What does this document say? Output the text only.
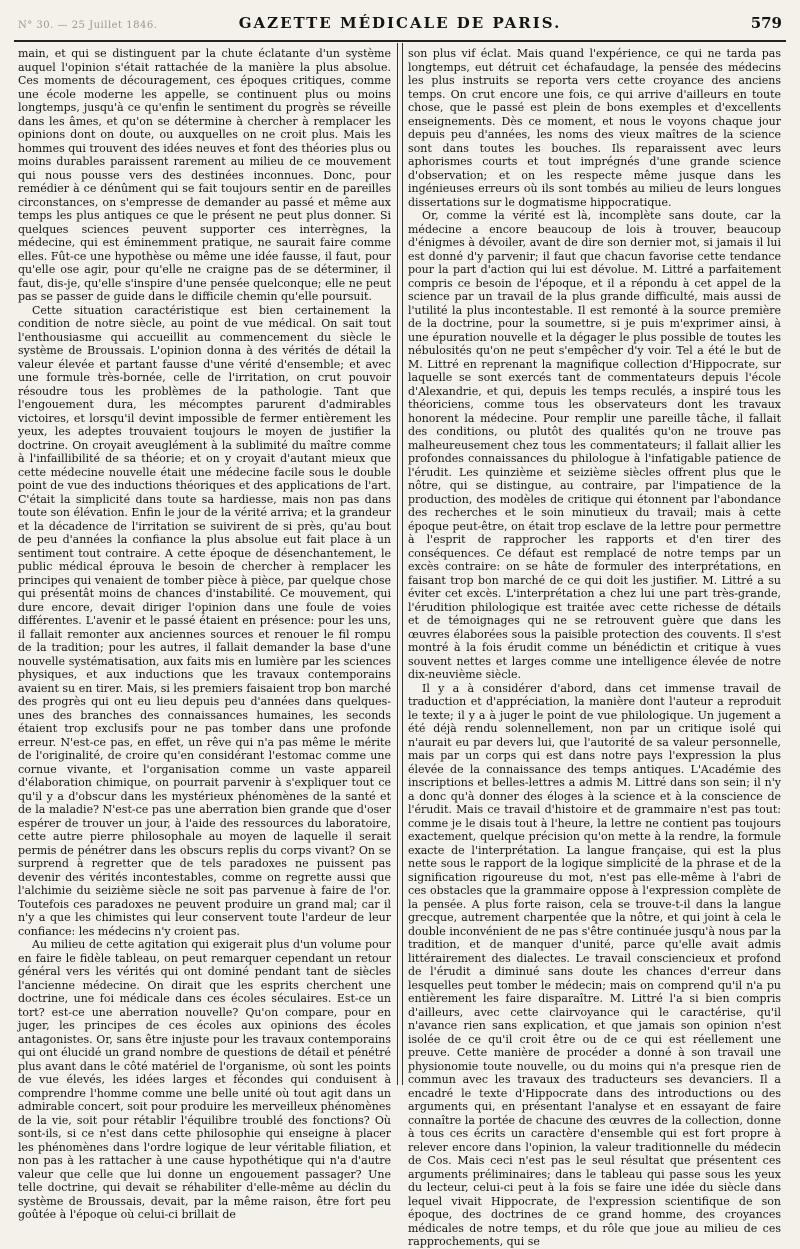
N° 30. — 25 Juillet 1846.	GAZETTE MÉDICALE DE PARIS.	579

main, et qui se distinguent par la chute éclatante d'un système auquel l'opinion s'était rattachée de la manière la plus absolue. Ces moments de découragement, ces époques critiques, comme une école moderne les appelle, se continuent plus ou moins longtemps, jusqu'à ce qu'enfin le sentiment du progrès se réveille dans les âmes, et qu'on se détermine à chercher à remplacer les opinions dont on doute, ou auxquelles on ne croit plus. Mais les hommes qui trouvent des idées neuves et font des théories plus ou moins durables paraissent rarement au milieu de ce mouvement qui nous pousse vers des destinées inconnues. Donc, pour remédier à ce dénûment qui se fait toujours sentir en de pareilles circonstances, on s'empresse de demander au passé et même aux temps les plus antiques ce que le présent ne peut plus donner. Si quelques sciences peuvent supporter ces interrègnes, la médecine, qui est éminemment pratique, ne saurait faire comme elles. Fût-ce une hypothèse ou même une idée fausse, il faut, pour qu'elle ose agir, pour qu'elle ne craigne pas de se déterminer, il faut, dis-je, qu'elle s'inspire d'une pensée quelconque; elle ne peut pas se passer de guide dans le difficile chemin qu'elle poursuit.

Cette situation caractéristique est bien certainement la condition de notre siècle, au point de vue médical. On sait tout l'enthousiasme qui accueillit au commencement du siècle le système de Broussais. L'opinion donna à des vérités de détail la valeur élevée et partant fausse d'une vérité d'ensemble; et avec une formule très-bornée, celle de l'irritation, on crut pouvoir résoudre tous les problèmes de la pathologie. Tant que l'engouement dura, les mécomptes parurent d'admirables victoires, et lorsqu'il devint impossible de fermer entièrement les yeux, les adeptes trouvaient toujours le moyen de justifier la doctrine. On croyait aveuglément à la sublimité du maître comme à l'infaillibilité de sa théorie; et on y croyait d'autant mieux que cette médecine nouvelle était une médecine facile sous le double point de vue des inductions théoriques et des applications de l'art. C'était la simplicité dans toute sa hardiesse, mais non pas dans toute son élévation. Enfin le jour de la vérité arriva; et la grandeur et la décadence de l'irritation se suivirent de si près, qu'au bout de peu d'années la confiance la plus absolue eut fait place à un sentiment tout contraire. A cette époque de désenchantement, le public médical éprouva le besoin de chercher à remplacer les principes qui venaient de tomber pièce à pièce, par quelque chose qui présentât moins de chances d'instabilité. Ce mouvement, qui dure encore, devait diriger l'opinion dans une foule de voies différentes. L'avenir et le passé étaient en présence: pour les uns, il fallait remonter aux anciennes sources et renouer le fil rompu de la tradition; pour les autres, il fallait demander la base d'une nouvelle systématisation, aux faits mis en lumière par les sciences physiques, et aux inductions que les travaux contemporains avaient su en tirer. Mais, si les premiers faisaient trop bon marché des progrès qui ont eu lieu depuis peu d'années dans quelques-unes des branches des connaissances humaines, les seconds étaient trop exclusifs pour ne pas tomber dans une profonde erreur. N'est-ce pas, en effet, un rêve qui n'a pas même le mérite de l'originalité, de croire qu'en considérant l'estomac comme une cornue vivante, et l'organisation comme un vaste appareil d'élaboration chimique, on pourrait parvenir à s'expliquer tout ce qu'il y a d'obscur dans les mystérieux phénomènes de la santé et de la maladie? N'est-ce pas une aberration bien grande que d'oser espérer de trouver un jour, à l'aide des ressources du laboratoire, cette autre pierre philosophale au moyen de laquelle il serait permis de pénétrer dans les obscurs replis du corps vivant? On se surprend à regretter que de tels paradoxes ne puissent pas devenir des vérités incontestables, comme on regrette aussi que l'alchimie du seizième siècle ne soit pas parvenue à faire de l'or. Toutefois ces paradoxes ne peuvent produire un grand mal; car il n'y a que les chimistes qui leur conservent toute l'ardeur de leur confiance: les médecins n'y croient pas.

Au milieu de cette agitation qui exigerait plus d'un volume pour en faire le fidèle tableau, on peut remarquer cependant un retour général vers les vérités qui ont dominé pendant tant de siècles l'ancienne médecine. On dirait que les esprits cherchent une doctrine, une foi médicale dans ces écoles séculaires. Est-ce un tort? est-ce une aberration nouvelle? Qu'on compare, pour en juger, les principes de ces écoles aux opinions des écoles antagonistes. Or, sans être injuste pour les travaux contemporains qui ont élucidé un grand nombre de questions de détail et pénétré plus avant dans le côté matériel de l'organisme, où sont les points de vue élevés, les idées larges et fécondes qui conduisent à comprendre l'homme comme une belle unité où tout agit dans un admirable concert, soit pour produire les merveilleux phénomènes de la vie, soit pour rétablir l'équilibre troublé des fonctions? Où sont-ils, si ce n'est dans cette philosophie qui enseigne à placer les phénomènes dans l'ordre logique de leur véritable filiation, et non pas à les rattacher à une cause hypothétique qui n'a d'autre valeur que celle que lui donne un engouement passager? Une telle doctrine, qui devait se réhabiliter d'elle-même au déclin du système de Broussais, devait, par la même raison, être fort peu goûtée à l'époque où celui-ci brillait de

son plus vif éclat. Mais quand l'expérience, ce qui ne tarda pas longtemps, eut détruit cet échafaudage, la pensée des médecins les plus instruits se reporta vers cette croyance des anciens temps. On crut encore une fois, ce qui arrive d'ailleurs en toute chose, que le passé est plein de bons exemples et d'excellents enseignements. Dès ce moment, et nous le voyons chaque jour depuis peu d'années, les noms des vieux maîtres de la science sont dans toutes les bouches. Ils reparaissent avec leurs aphorismes courts et tout imprégnés d'une grande science d'observation; et on les respecte même jusque dans les ingénieuses erreurs où ils sont tombés au milieu de leurs longues dissertations sur le dogmatisme hippocratique.

Or, comme la vérité est là, incomplète sans doute, car la médecine a encore beaucoup de lois à trouver, beaucoup d'énigmes à dévoiler, avant de dire son dernier mot, si jamais il lui est donné d'y parvenir; il faut que chacun favorise cette tendance pour la part d'action qui lui est dévolue. M. Littré a parfaitement compris ce besoin de l'époque, et il a répondu à cet appel de la science par un travail de la plus grande difficulté, mais aussi de l'utilité la plus incontestable. Il est remonté à la source première de la doctrine, pour la soumettre, si je puis m'exprimer ainsi, à une épuration nouvelle et la dégager le plus possible de toutes les nébulosités qu'on ne peut s'empêcher d'y voir. Tel a été le but de M. Littré en reprenant la magnifique collection d'Hippocrate, sur laquelle se sont exercés tant de commentateurs depuis l'école d'Alexandrie, et qui, depuis les temps reculés, a inspiré tous les théoriciens, comme tous les observateurs dont les travaux honorent la médecine. Pour remplir une pareille tâche, il fallait des conditions, ou plutôt des qualités qu'on ne trouve pas malheureusement chez tous les commentateurs; il fallait allier les profondes connaissances du philologue à l'infatigable patience de l'érudit. Les quinzième et seizième siècles offrent plus que le nôtre, qui se distingue, au contraire, par l'impatience de la production, des modèles de critique qui étonnent par l'abondance des recherches et le soin minutieux du travail; mais à cette époque peut-être, on était trop esclave de la lettre pour permettre à l'esprit de rapprocher les rapports et d'en tirer des conséquences. Ce défaut est remplacé de notre temps par un excès contraire: on se hâte de formuler des interprétations, en faisant trop bon marché de ce qui doit les justifier. M. Littré a su éviter cet excès. L'interprétation a chez lui une part très-grande, l'érudition philologique est traitée avec cette richesse de détails et de témoignages qui ne se retrouvent guère que dans les œuvres élaborées sous la paisible protection des couvents. Il s'est montré à la fois érudit comme un bénédictin et critique à vues souvent nettes et larges comme une intelligence élevée de notre dix-neuvième siècle.

Il y a à considérer d'abord, dans cet immense travail de traduction et d'appréciation, la manière dont l'auteur a reproduit le texte; il y a à juger le point de vue philologique. Un jugement a été déjà rendu solennellement, non par un critique isolé qui n'aurait eu par devers lui, que l'autorité de sa valeur personnelle, mais par un corps qui est dans notre pays l'expression la plus élevée de la connaissance des temps antiques. L'Académie des inscriptions et belles-lettres a admis M. Littré dans son sein; il n'y a donc qu'à donner des éloges à la science et à la conscience de l'érudit. Mais ce travail d'histoire et de grammaire n'est pas tout: comme je le disais tout à l'heure, la lettre ne contient pas toujours exactement, quelque précision qu'on mette à la rendre, la formule exacte de l'interprétation. La langue française, qui est la plus nette sous le rapport de la logique simplicité de la phrase et de la signification rigoureuse du mot, n'est pas elle-même à l'abri de ces obstacles que la grammaire oppose à l'expression complète de la pensée. A plus forte raison, cela se trouve-t-il dans la langue grecque, autrement charpentée que la nôtre, et qui joint à cela le double inconvénient de ne pas s'être continuée jusqu'à nous par la tradition, et de manquer d'unité, parce qu'elle avait admis littérairement des dialectes. Le travail consciencieux et profond de l'érudit a diminué sans doute les chances d'erreur dans lesquelles peut tomber le médecin; mais on comprend qu'il n'a pu entièrement les faire disparaître. M. Littré l'a si bien compris d'ailleurs, avec cette clairvoyance qui le caractérise, qu'il n'avance rien sans explication, et que jamais son opinion n'est isolée de ce qu'il croit être ou de ce qui est réellement une preuve. Cette manière de procéder a donné à son travail une physionomie toute nouvelle, ou du moins qui n'a presque rien de commun avec les travaux des traducteurs ses devanciers. Il a encadré le texte d'Hippocrate dans des introductions ou des arguments qui, en présentant l'analyse et en essayant de faire connaître la portée de chacune des œuvres de la collection, donne à tous ces écrits un caractère d'ensemble qui est fort propre à relever encore dans l'opinion, la valeur traditionnelle du médecin de Cos. Mais ceci n'est pas le seul résultat que présentent ces arguments préliminaires; dans le tableau qui passe sous les yeux du lecteur, celui-ci peut à la fois se faire une idée du siècle dans lequel vivait Hippocrate, de l'expression scientifique de son époque, des doctrines de ce grand homme, des croyances médicales de notre temps, et du rôle que joue au milieu de ces rapprochements, qui se
